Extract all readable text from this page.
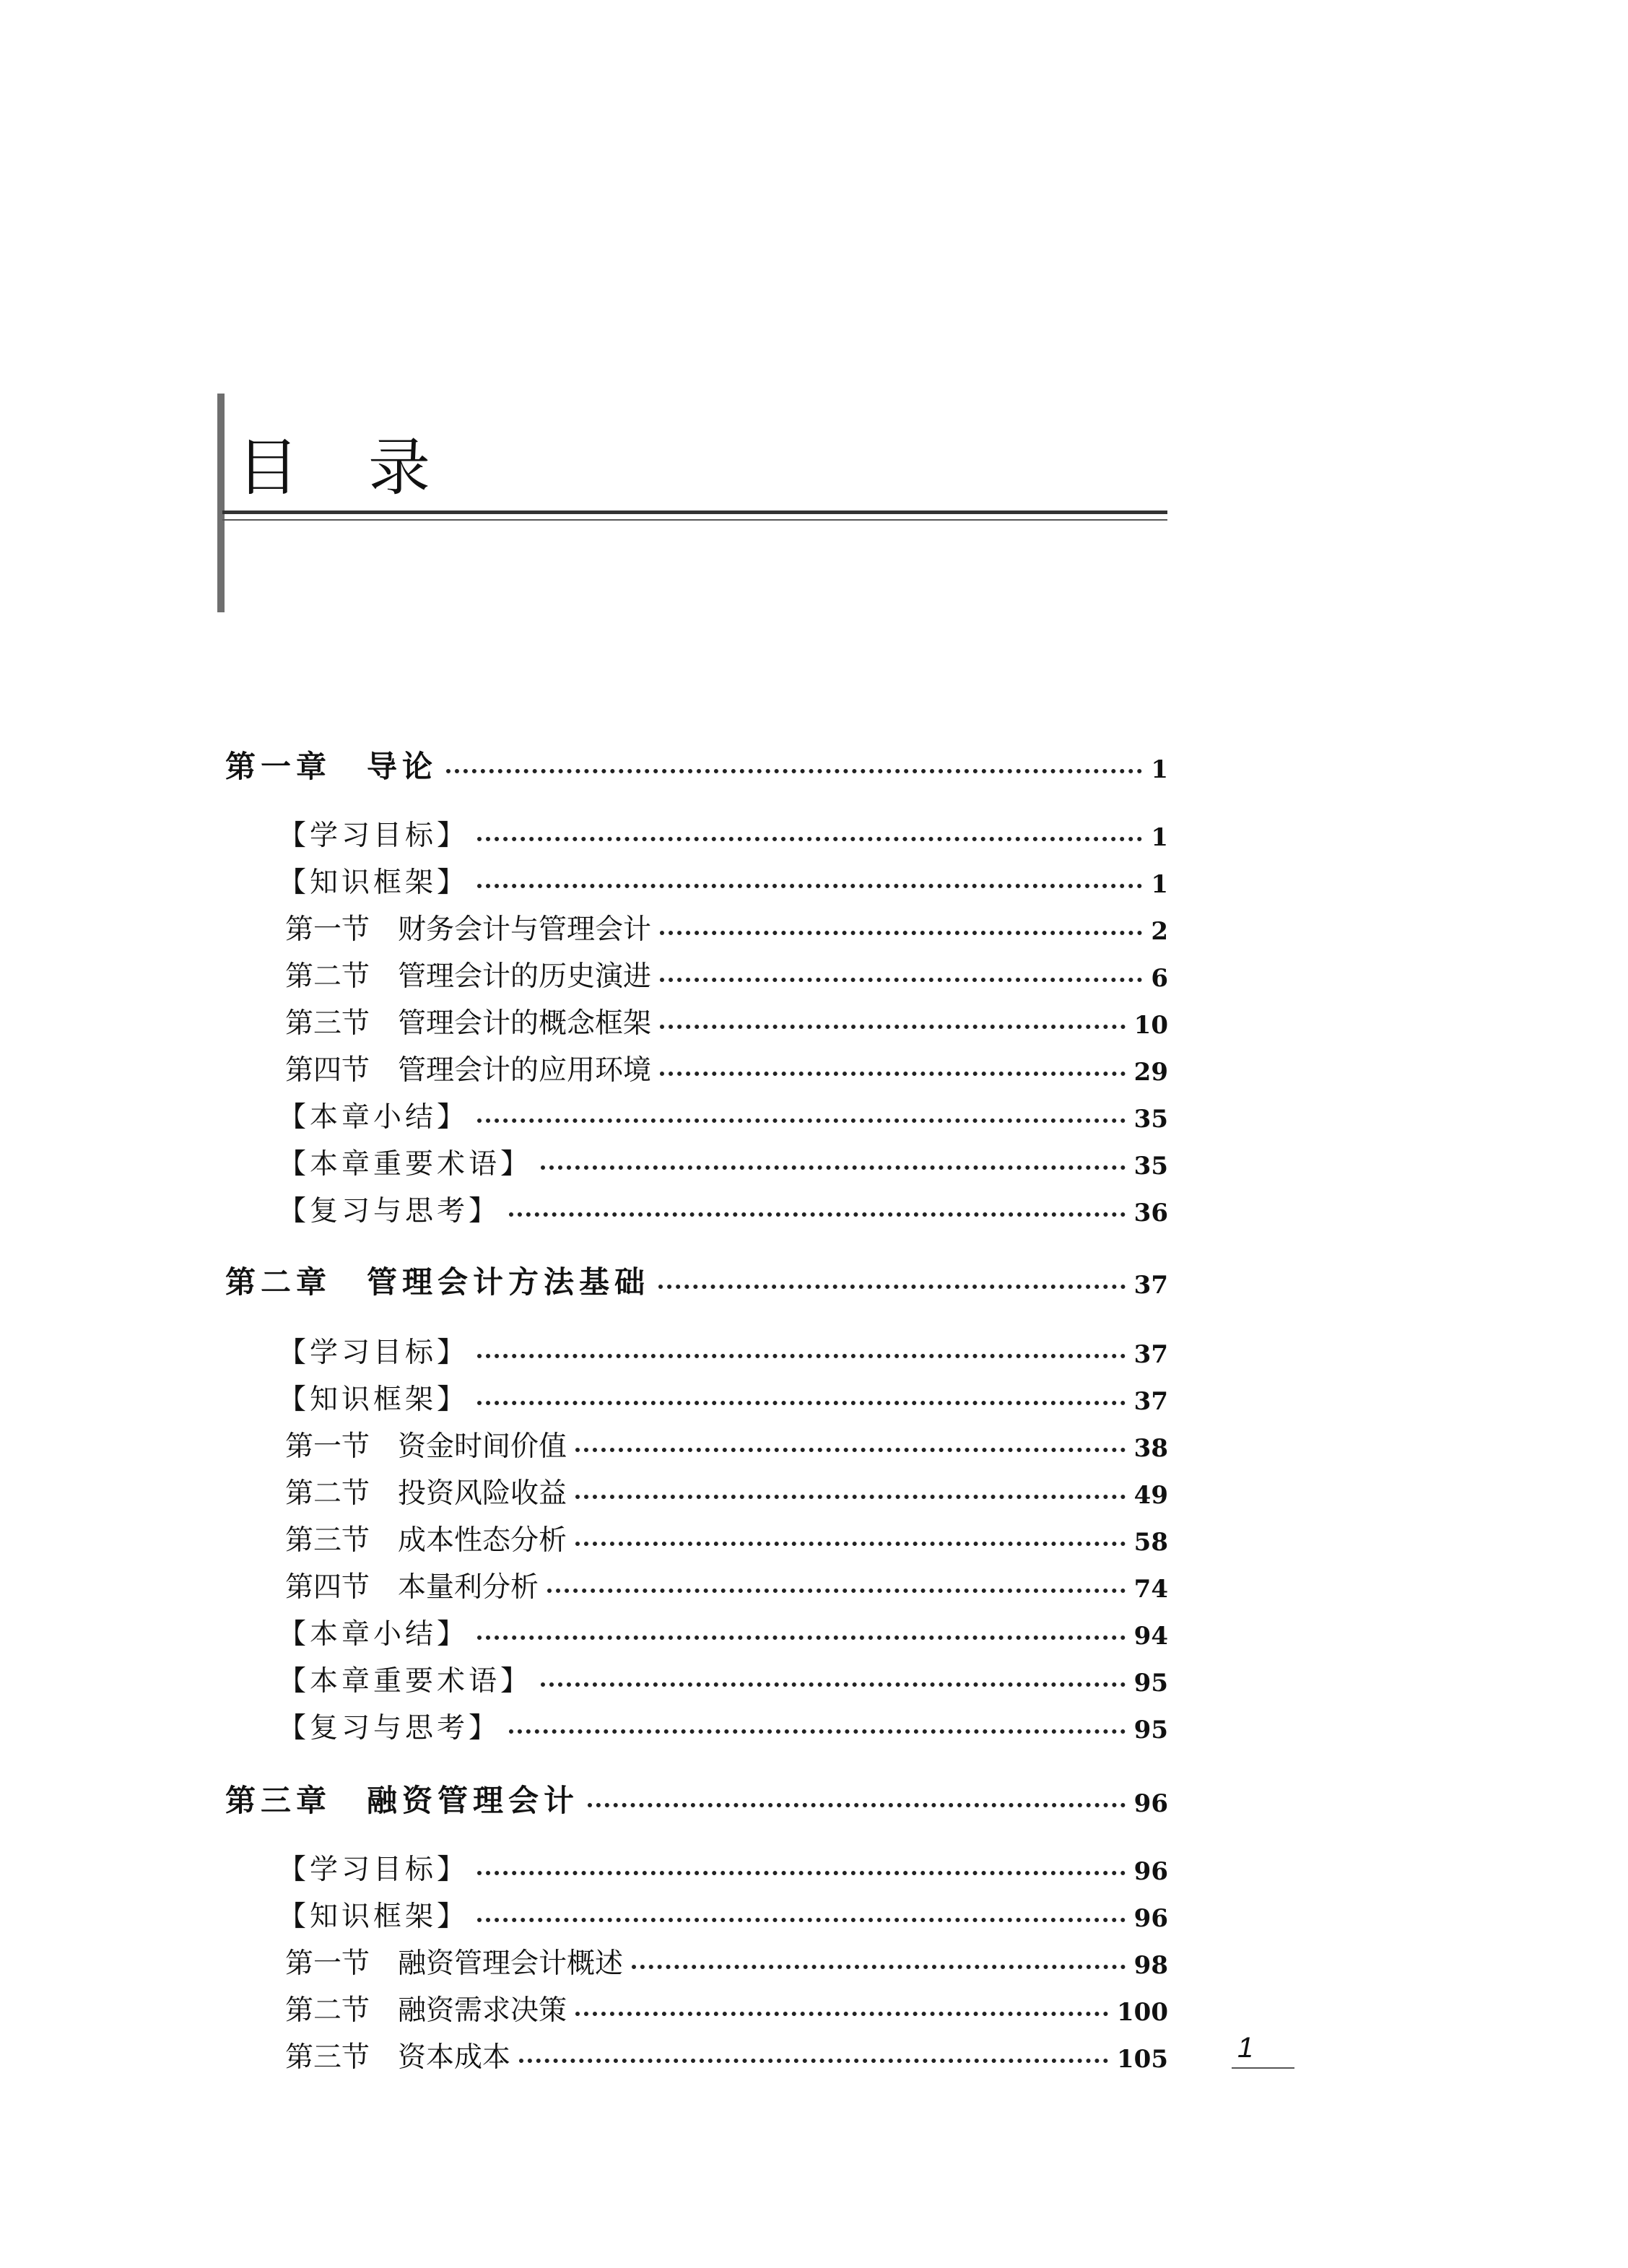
目 录
第一章　导论	1
【学习目标】	1
【知识框架】	1
第一节　财务会计与管理会计	2
第二节　管理会计的历史演进	6
第三节　管理会计的概念框架	10
第四节　管理会计的应用环境	29
【本章小结】	35
【本章重要术语】	35
【复习与思考】	36
第二章　管理会计方法基础	37
【学习目标】	37
【知识框架】	37
第一节　资金时间价值	38
第二节　投资风险收益	49
第三节　成本性态分析	58
第四节　本量利分析	74
【本章小结】	94
【本章重要术语】	95
【复习与思考】	95
第三章　融资管理会计	96
【学习目标】	96
【知识框架】	96
第一节　融资管理会计概述	98
第二节　融资需求决策	100
第三节　资本成本	105 1
